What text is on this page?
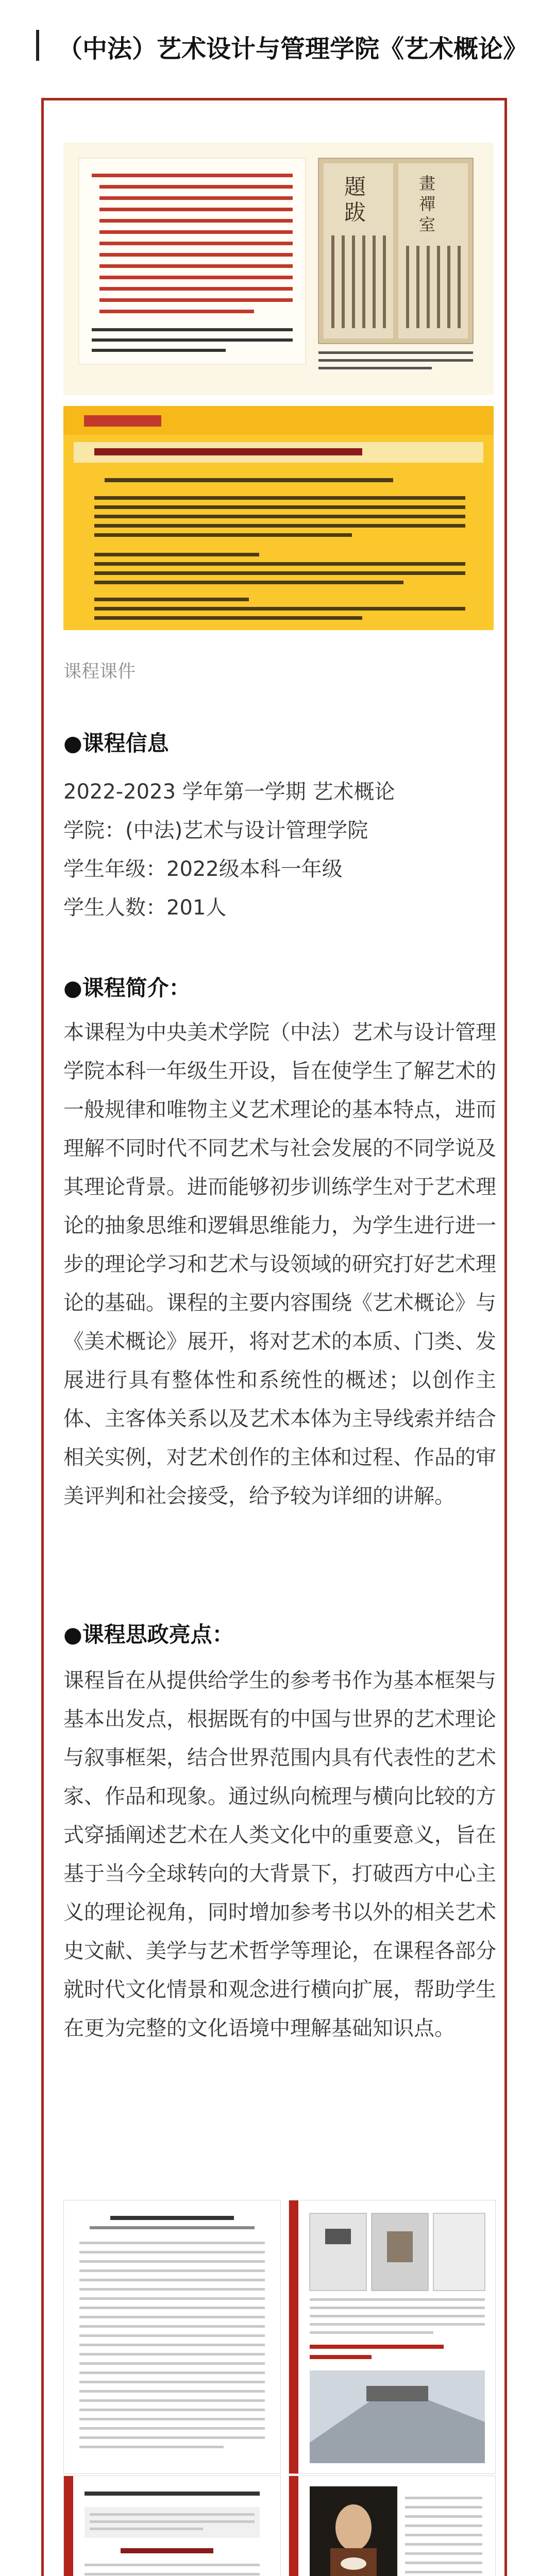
（中法）艺术设计与管理学院《艺术概论》
題
跋
畫
禪
室
课程课件
●课程信息
2022-2023 学年第一学期 艺术概论
学院：(中法)艺术与设计管理学院
学生年级：2022级本科一年级
学生人数：201人
●课程简介：
本课程为中央美术学院（中法）艺术与设计管理学院本科一年级生开设，旨在使学生了解艺术的一般规律和唯物主义艺术理论的基本特点，进而理解不同时代不同艺术与社会发展的不同学说及其理论背景。进而能够初步训练学生对于艺术理论的抽象思维和逻辑思维能力，为学生进行进一步的理论学习和艺术与设领域的研究打好艺术理论的基础。课程的主要内容围绕《艺术概论》与《美术概论》展开，将对艺术的本质、门类、发展进行具有整体性和系统性的概述；以创作主体、主客体关系以及艺术本体为主导线索并结合相关实例，对艺术创作的主体和过程、作品的审美评判和社会接受，给予较为详细的讲解。
●课程思政亮点：
课程旨在从提供给学生的参考书作为基本框架与基本出发点，根据既有的中国与世界的艺术理论与叙事框架，结合世界范围内具有代表性的艺术家、作品和现象。通过纵向梳理与横向比较的方式穿插阐述艺术在人类文化中的重要意义，旨在基于当今全球转向的大背景下，打破西方中心主义的理论视角，同时增加参考书以外的相关艺术史文献、美学与艺术哲学等理论，在课程各部分就时代文化情景和观念进行横向扩展，帮助学生在更为完整的文化语境中理解基础知识点。
